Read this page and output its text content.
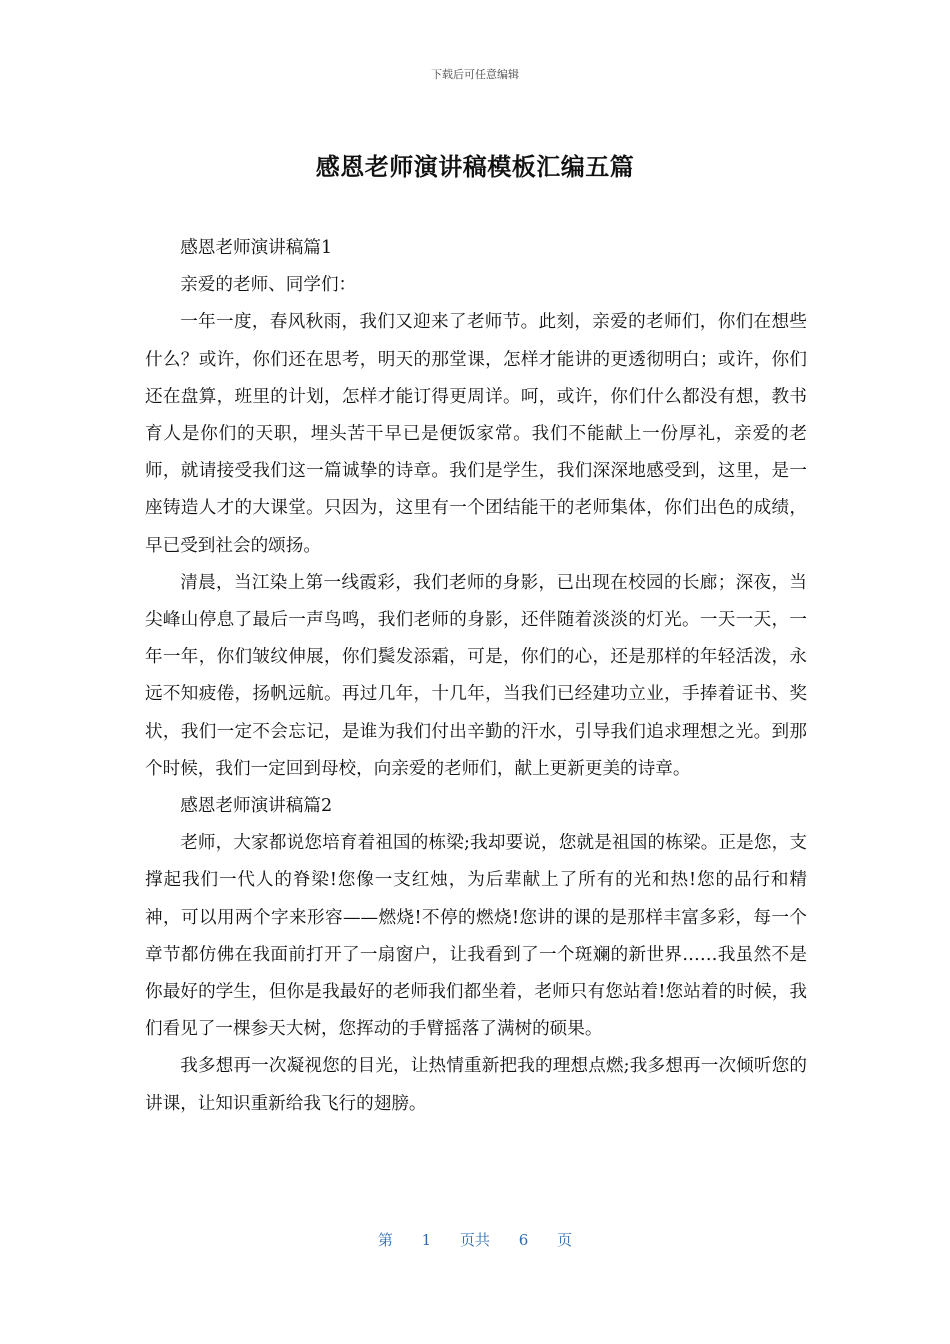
下载后可任意编辑
感恩老师演讲稿模板汇编五篇

感恩老师演讲稿篇1

亲爱的老师、同学们：

一年一度，春风秋雨，我们又迎来了老师节。此刻，亲爱的老师们，你们在想些什么？或许，你们还在思考，明天的那堂课，怎样才能讲的更透彻明白；或许，你们还在盘算，班里的计划，怎样才能订得更周详。呵，或许，你们什么都没有想，教书育人是你们的天职，埋头苦干早已是便饭家常。我们不能献上一份厚礼，亲爱的老师，就请接受我们这一篇诚挚的诗章。我们是学生，我们深深地感受到，这里，是一座铸造人才的大课堂。只因为，这里有一个团结能干的老师集体，你们出色的成绩，早已受到社会的颂扬。

清晨，当江染上第一线霞彩，我们老师的身影，已出现在校园的长廊；深夜，当尖峰山停息了最后一声鸟鸣，我们老师的身影，还伴随着淡淡的灯光。一天一天，一年一年，你们皱纹伸展，你们鬓发添霜，可是，你们的心，还是那样的年轻活泼，永远不知疲倦，扬帆远航。再过几年，十几年，当我们已经建功立业，手捧着证书、奖状，我们一定不会忘记，是谁为我们付出辛勤的汗水，引导我们追求理想之光。到那个时候，我们一定回到母校，向亲爱的老师们，献上更新更美的诗章。

感恩老师演讲稿篇2

老师，大家都说您培育着祖国的栋梁;我却要说，您就是祖国的栋梁。正是您，支撑起我们一代人的脊梁!您像一支红烛，为后辈献上了所有的光和热!您的品行和精神，可以用两个字来形容——燃烧!不停的燃烧!您讲的课的是那样丰富多彩，每一个章节都仿佛在我面前打开了一扇窗户，让我看到了一个斑斓的新世界……我虽然不是你最好的学生，但你是我最好的老师我们都坐着，老师只有您站着!您站着的时候，我们看见了一棵参天大树，您挥动的手臂摇落了满树的硕果。

我多想再一次凝视您的目光，让热情重新把我的理想点燃;我多想再一次倾听您的讲课，让知识重新给我飞行的翅膀。

第 1 页共 6 页
